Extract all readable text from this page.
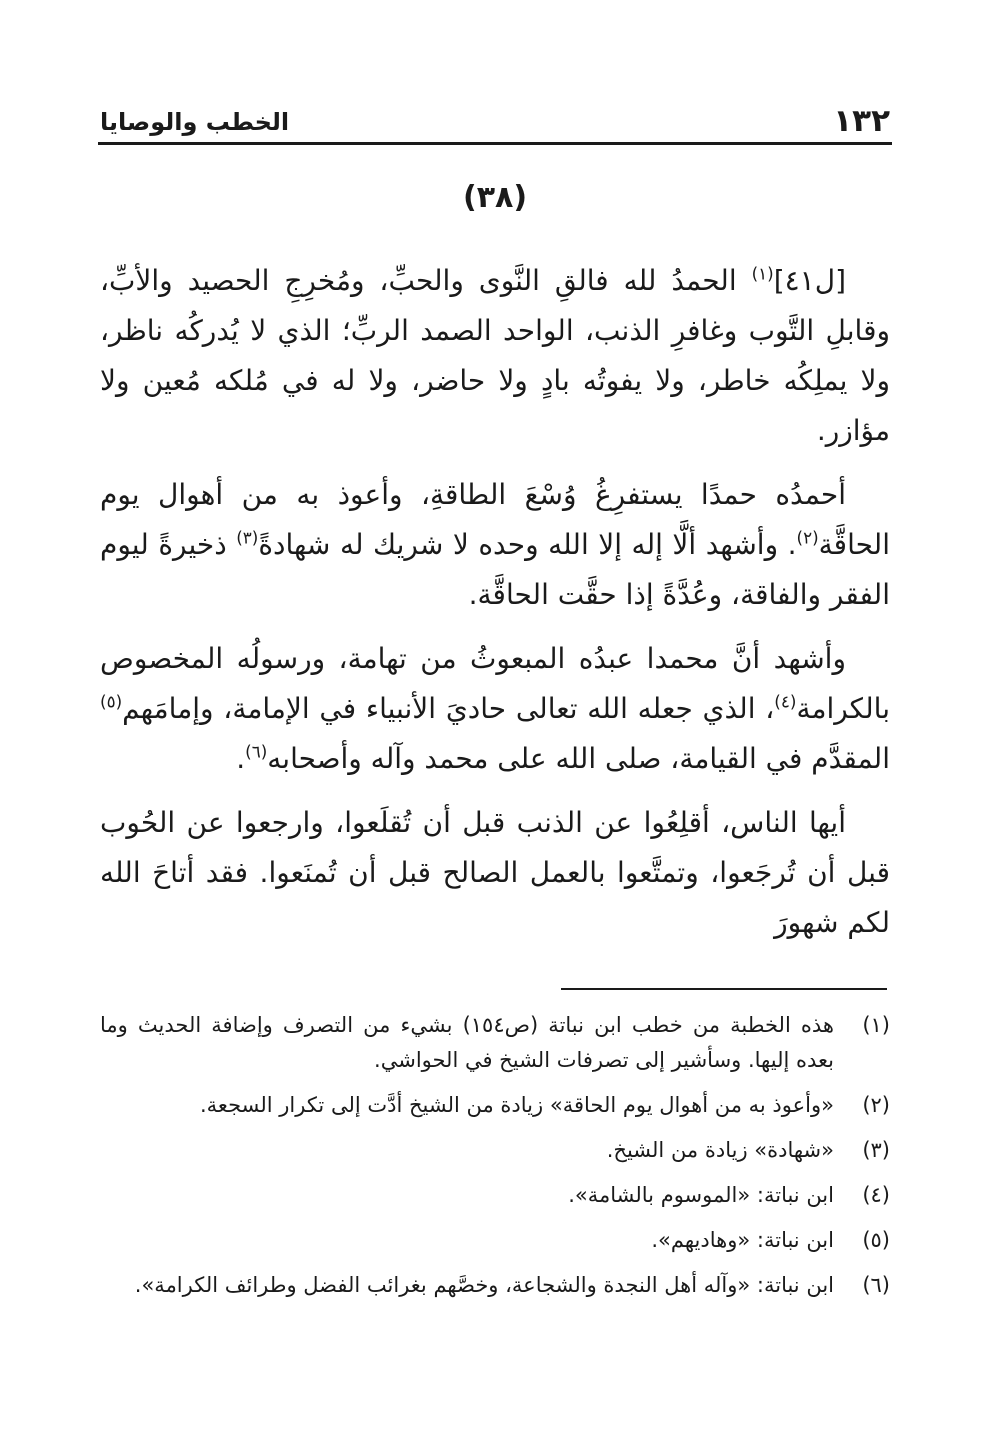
١٣٢
الخطب والوصايا
(٣٨)

[ل٤١]$^{(١)}$ الحمدُ لله فالقِ النَّوى والحبِّ، ومُخرِجِ الحصيد والأبِّ، وقابلِ التَّوب وغافرِ الذنب، الواحد الصمد الربِّ؛ الذي لا يُدركُه ناظر، ولا يملِكُه خاطر، ولا يفوتُه بادٍ ولا حاضر، ولا له في مُلكه مُعين ولا مؤازر.

أحمدُه حمدًا يستفرِغُ وُسْعَ الطاقةِ، وأعوذ به من أهوال يوم الحاقَّة$^{(٢)}$. وأشهد ألَّا إله إلا الله وحده لا شريك له شهادةً$^{(٣)}$ ذخيرةً ليوم الفقر والفاقة، وعُدَّةً إذا حقَّت الحاقَّة.

وأشهد أنَّ محمدا عبدُه المبعوثُ من تهامة، ورسولُه المخصوص بالكرامة$^{(٤)}$، الذي جعله الله تعالى حاديَ الأنبياء في الإمامة، وإمامَهم$^{(٥)}$ المقدَّم في القيامة، صلى الله على محمد وآله وأصحابه$^{(٦)}$.

أيها الناس، أقلِعُوا عن الذنب قبل أن تُقلَعوا، وارجعوا عن الحُوب قبل أن تُرجَعوا، وتمتَّعوا بالعمل الصالح قبل أن تُمنَعوا. فقد أتاحَ الله لكم شهورَ

(١)
هذه الخطبة من خطب ابن نباتة (ص١٥٤) بشيء من التصرف وإضافة الحديث وما بعده إليها. وسأشير إلى تصرفات الشيخ في الحواشي.
(٢)
«وأعوذ به من أهوال يوم الحاقة» زيادة من الشيخ أدَّت إلى تكرار السجعة.
(٣)
«شهادة» زيادة من الشيخ.
(٤)
ابن نباتة: «الموسوم بالشامة».
(٥)
ابن نباتة: «وهاديهم».
(٦)
ابن نباتة: «وآله أهل النجدة والشجاعة، وخصَّهم بغرائب الفضل وطرائف الكرامة».
